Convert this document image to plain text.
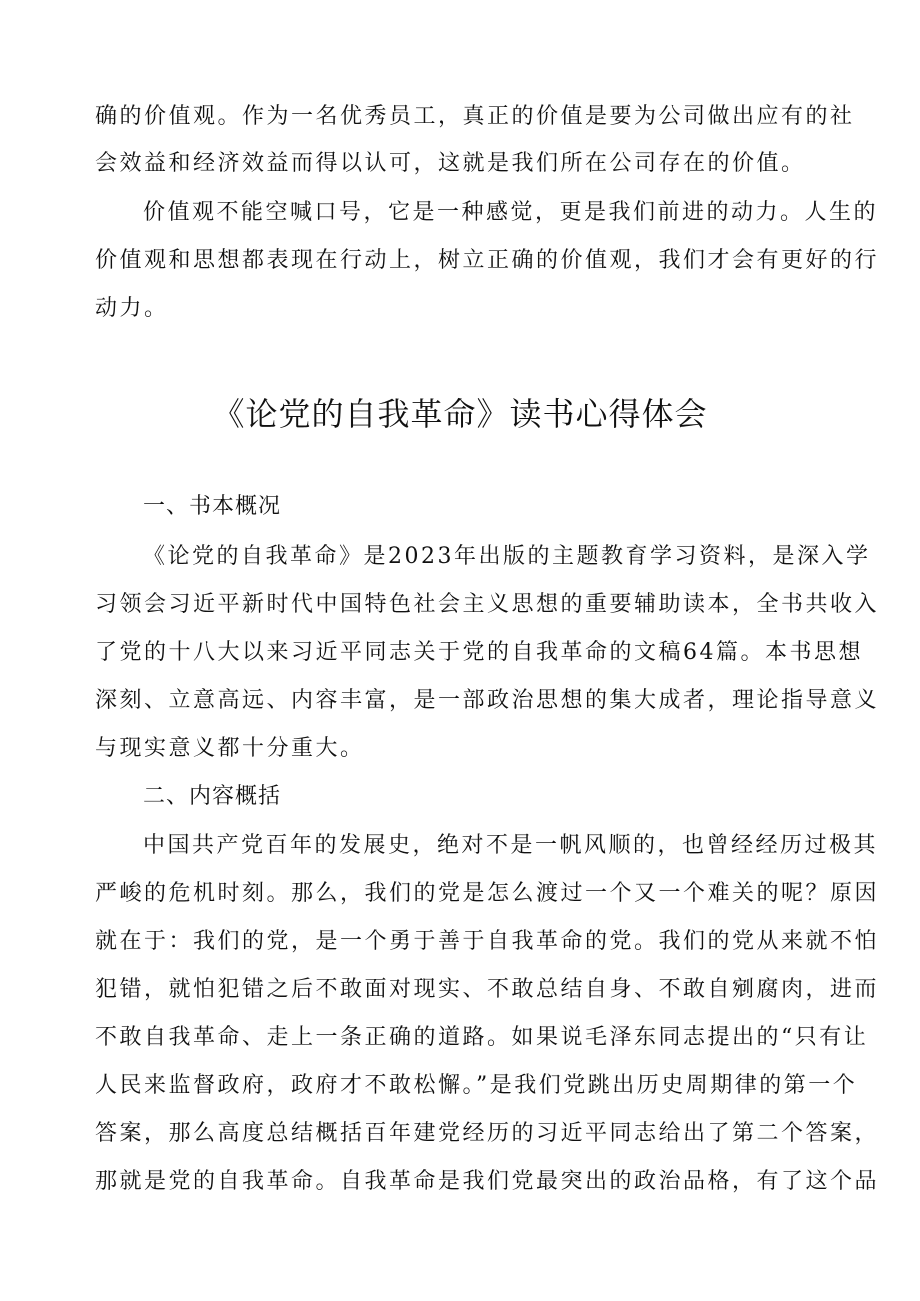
确的价值观。作为一名优秀员工，真正的价值是要为公司做出应有的社
会效益和经济效益而得以认可，这就是我们所在公司存在的价值。
价值观不能空喊口号，它是一种感觉，更是我们前进的动力。人生的
价值观和思想都表现在行动上，树立正确的价值观，我们才会有更好的行
动力。
《论党的自我革命》读书心得体会
一、书本概况
《论党的自我革命》是2023年出版的主题教育学习资料，是深入学
习领会习近平新时代中国特色社会主义思想的重要辅助读本，全书共收入
了党的十八大以来习近平同志关于党的自我革命的文稿64篇。本书思想
深刻、立意高远、内容丰富，是一部政治思想的集大成者，理论指导意义
与现实意义都十分重大。
二、内容概括
中国共产党百年的发展史，绝对不是一帆风顺的，也曾经经历过极其
严峻的危机时刻。那么，我们的党是怎么渡过一个又一个难关的呢？原因
就在于：我们的党，是一个勇于善于自我革命的党。我们的党从来就不怕
犯错，就怕犯错之后不敢面对现实、不敢总结自身、不敢自剜腐肉，进而
不敢自我革命、走上一条正确的道路。如果说毛泽东同志提出的“只有让
人民来监督政府，政府才不敢松懈。”是我们党跳出历史周期律的第一个
答案，那么高度总结概括百年建党经历的习近平同志给出了第二个答案，
那就是党的自我革命。自我革命是我们党最突出的政治品格，有了这个品
